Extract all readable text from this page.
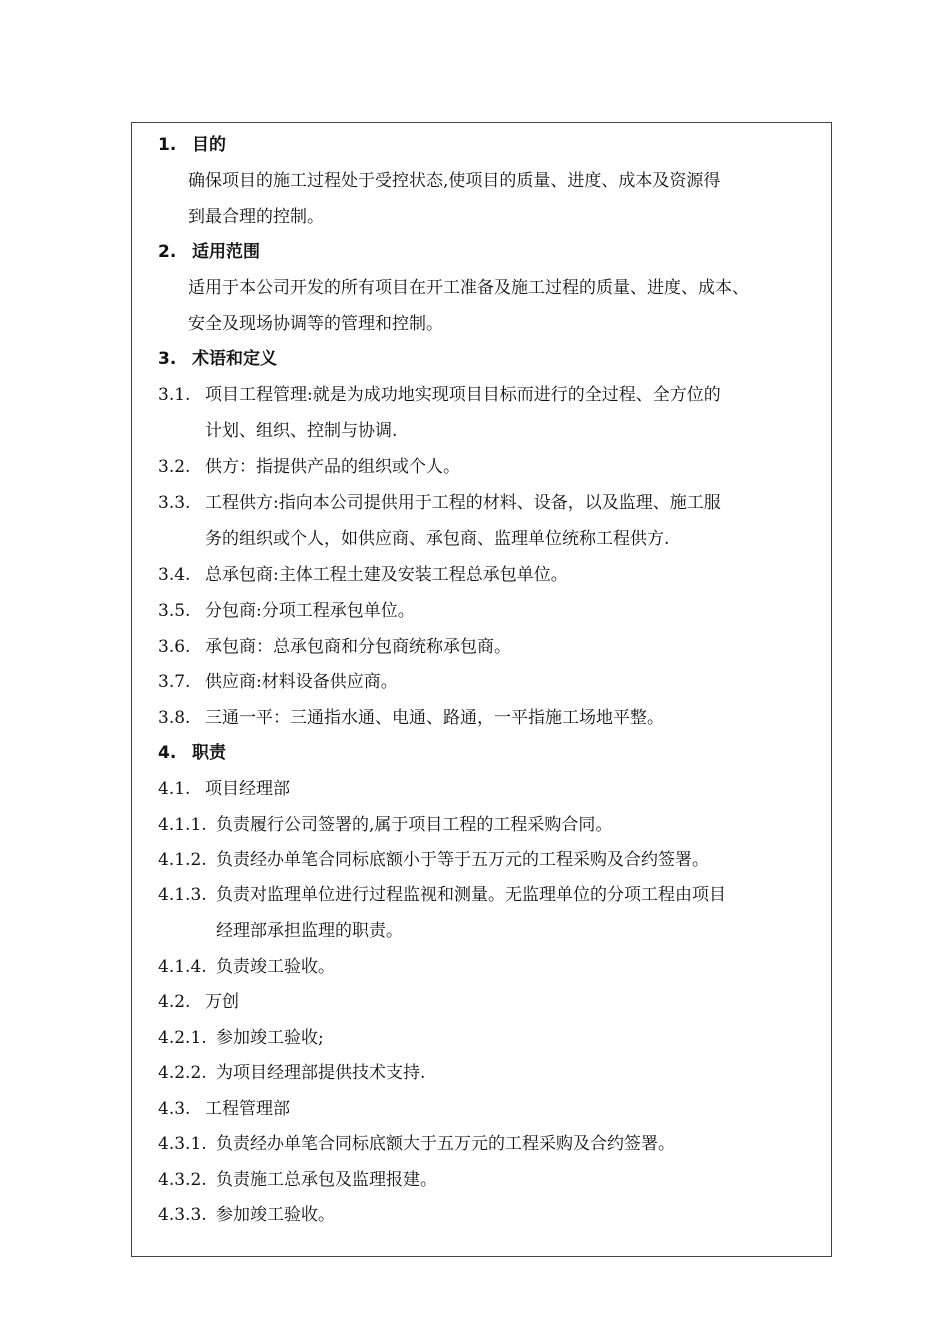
1. 目的
确保项目的施工过程处于受控状态,使项目的质量、进度、成本及资源得
到最合理的控制。
2. 适用范围
适用于本公司开发的所有项目在开工准备及施工过程的质量、进度、成本、
安全及现场协调等的管理和控制。
3. 术语和定义
3.1. 项目工程管理:就是为成功地实现项目目标而进行的全过程、全方位的
计划、组织、控制与协调.
3.2. 供方：指提供产品的组织或个人。
3.3. 工程供方:指向本公司提供用于工程的材料、设备，以及监理、施工服
务的组织或个人，如供应商、承包商、监理单位统称工程供方.
3.4. 总承包商:主体工程土建及安装工程总承包单位。
3.5. 分包商:分项工程承包单位。
3.6. 承包商：总承包商和分包商统称承包商。
3.7. 供应商:材料设备供应商。
3.8. 三通一平：三通指水通、电通、路通，一平指施工场地平整。
4. 职责
4.1. 项目经理部
4.1.1. 负责履行公司签署的,属于项目工程的工程采购合同。
4.1.2. 负责经办单笔合同标底额小于等于五万元的工程采购及合约签署。
4.1.3. 负责对监理单位进行过程监视和测量。无监理单位的分项工程由项目
经理部承担监理的职责。
4.1.4. 负责竣工验收。
4.2. 万创
4.2.1. 参加竣工验收;
4.2.2. 为项目经理部提供技术支持.
4.3. 工程管理部
4.3.1. 负责经办单笔合同标底额大于五万元的工程采购及合约签署。
4.3.2. 负责施工总承包及监理报建。
4.3.3. 参加竣工验收。
